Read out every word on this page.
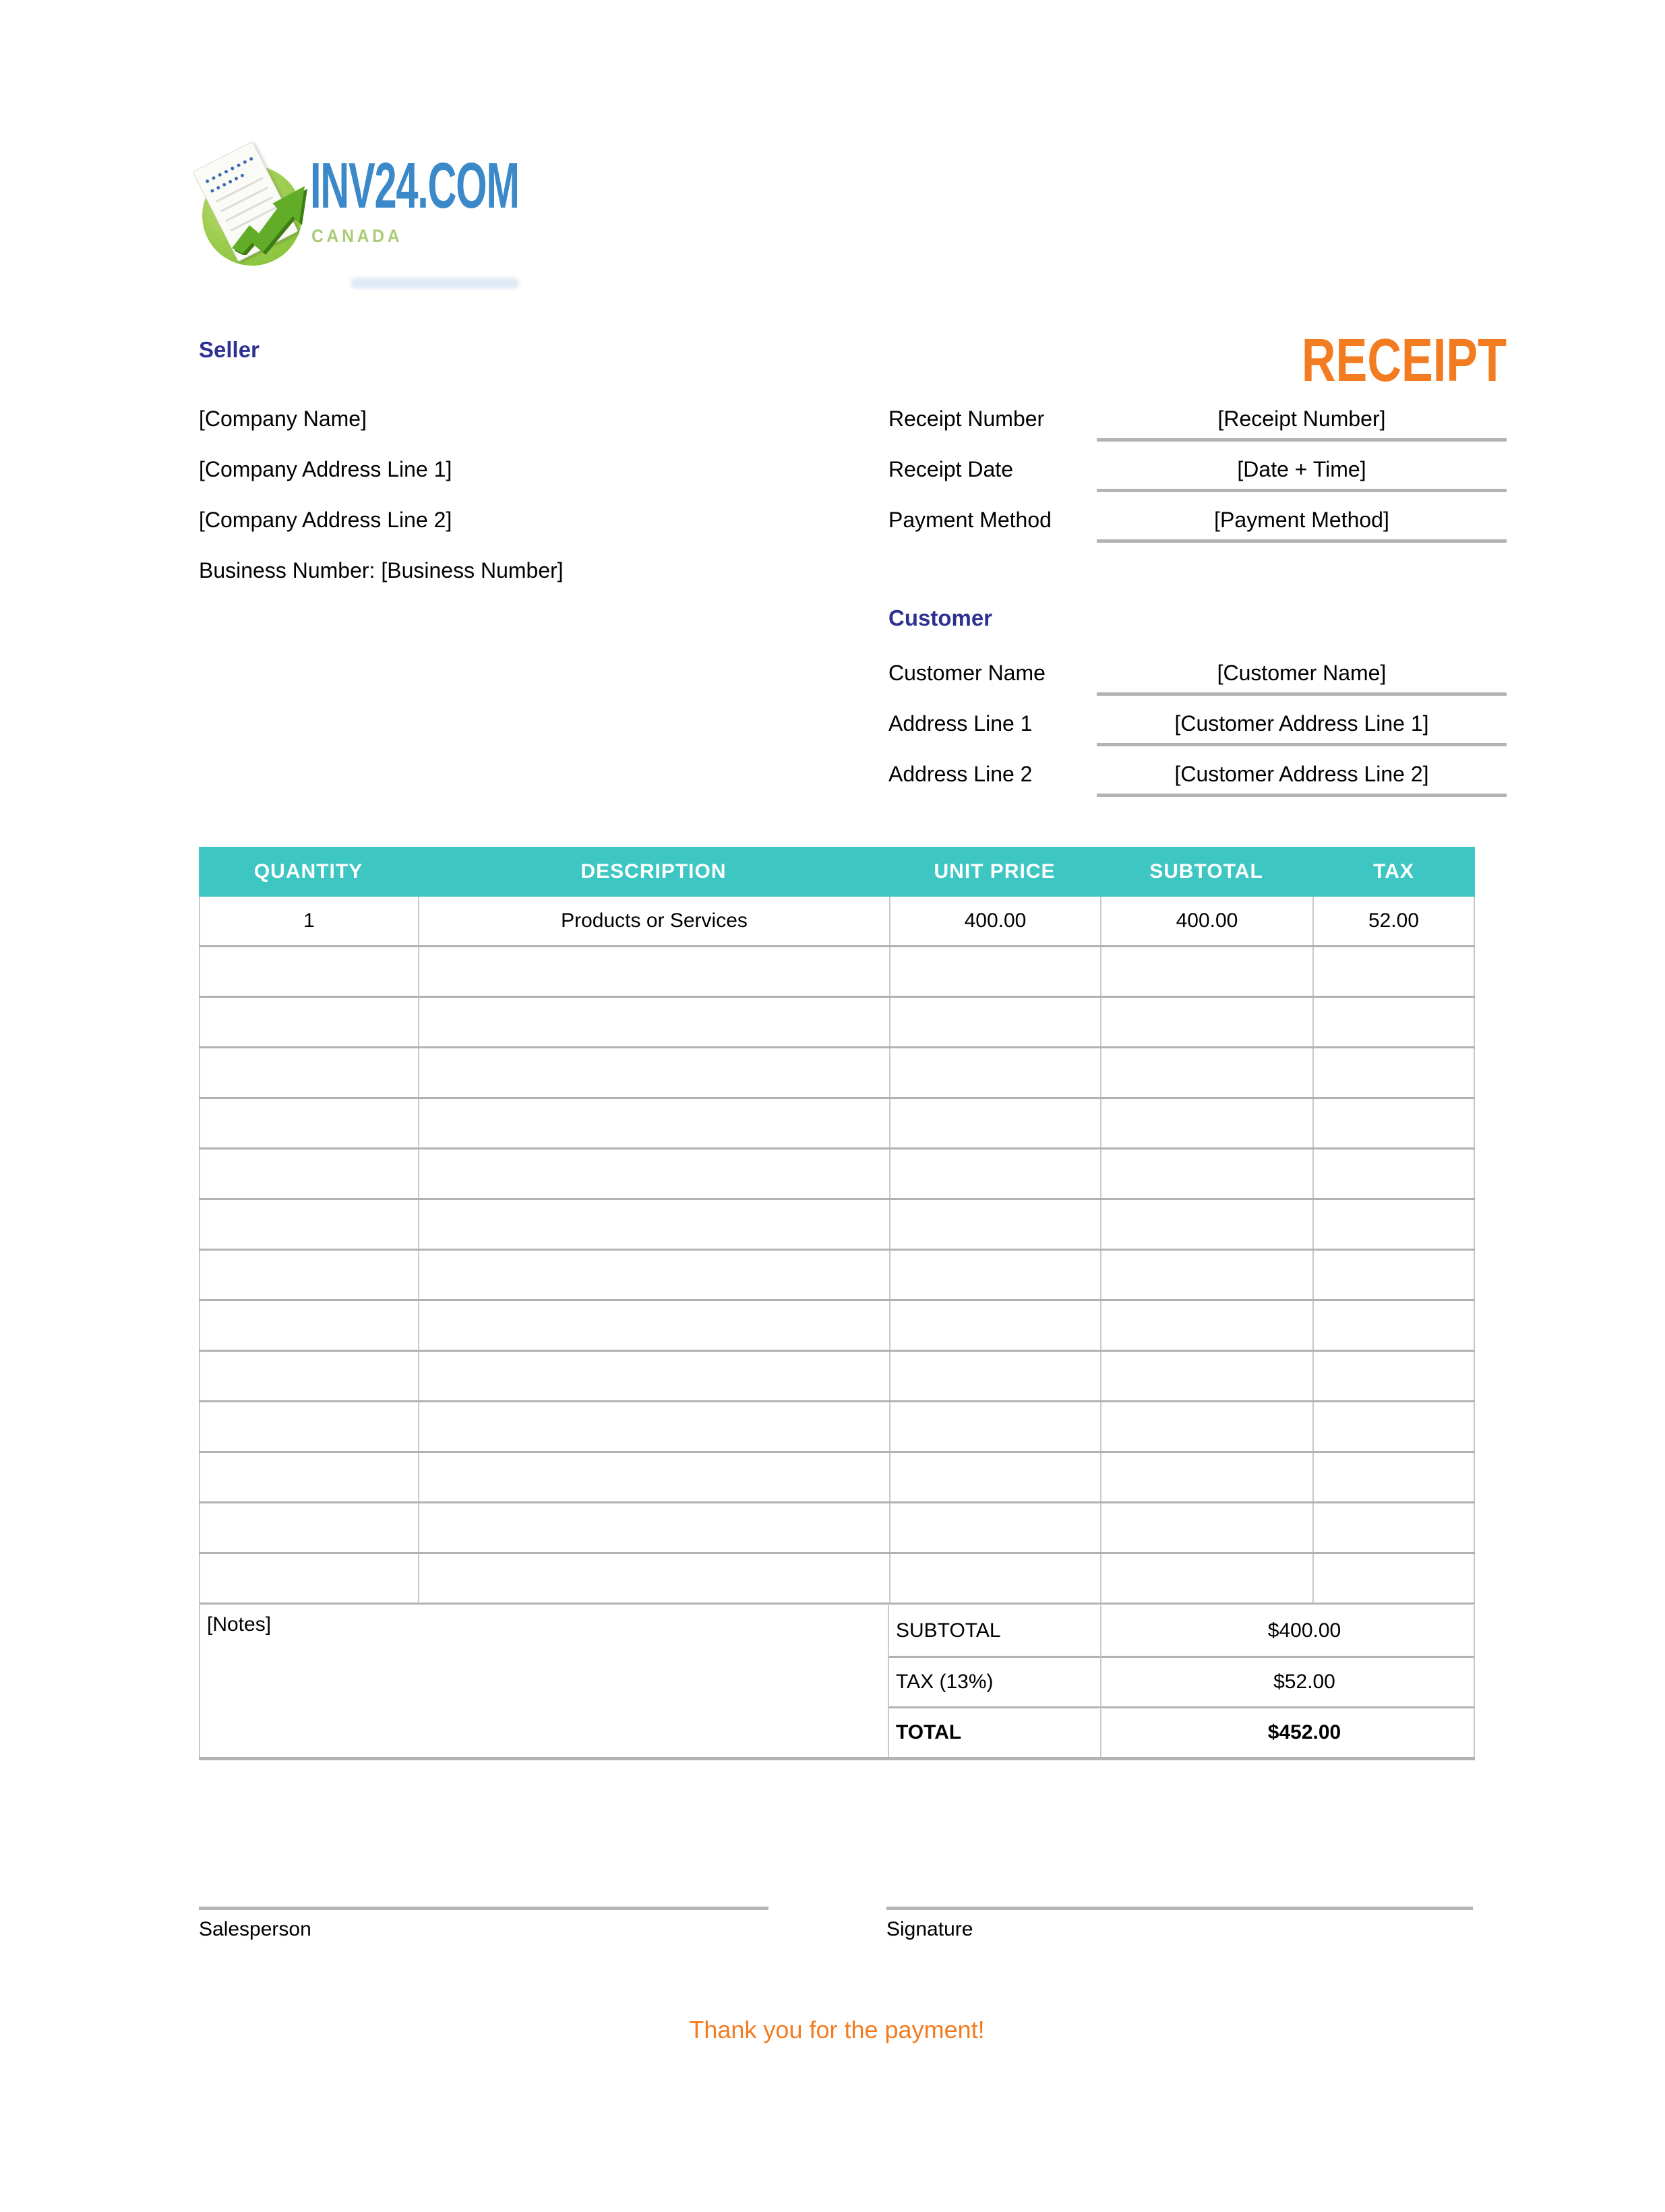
INV24.COM
CANADA
RECEIPT
Seller
Customer
[Company Name]
[Company Address Line 1]
[Company Address Line 2]
Business Number: [Business Number]
Receipt Number	[Receipt Number]
Receipt Date	[Date + Time]
Payment Method	[Payment Method]
Customer Name	[Customer Name]
Address Line 1	[Customer Address Line 1]
Address Line 2	[Customer Address Line 2]
QUANTITY	DESCRIPTION	UNIT PRICE	SUBTOTAL	TAX
1	Products or Services	400.00	400.00	52.00
[Notes]	SUBTOTAL	$400.00
TAX (13%)	$52.00
TOTAL	$452.00
Salesperson	Signature
Thank you for the payment!
